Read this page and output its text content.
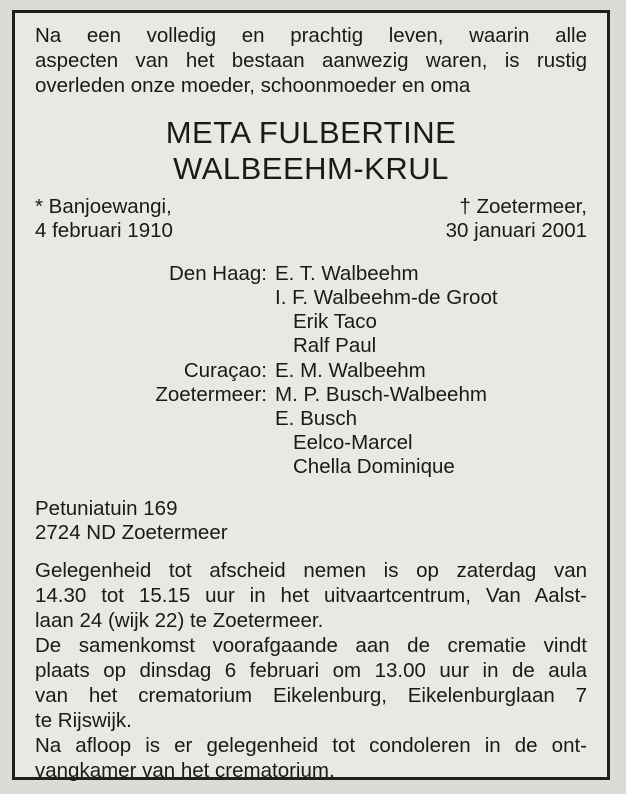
Na een volledig en prachtig leven, waarin alle
aspecten van het bestaan aanwezig waren, is rustig
overleden onze moeder, schoonmoeder en oma
META FULBERTINE
WALBEEHM-KRUL
* Banjoewangi,
4 februari 1910
† Zoetermeer,
30 januari 2001
Den Haag: E. T. Walbeehm
I. F. Walbeehm-de Groot
Erik Taco
Ralf Paul
Curaçao: E. M. Walbeehm
Zoetermeer: M. P. Busch-Walbeehm
E. Busch
Eelco-Marcel
Chella Dominique
Petuniatuin 169
2724 ND Zoetermeer
Gelegenheid tot afscheid nemen is op zaterdag van
14.30 tot 15.15 uur in het uitvaartcentrum, Van Aalst-
laan 24 (wijk 22) te Zoetermeer.
De samenkomst voorafgaande aan de crematie vindt
plaats op dinsdag 6 februari om 13.00 uur in de aula
van het crematorium Eikelenburg, Eikelenburglaan 7
te Rijswijk.
Na afloop is er gelegenheid tot condoleren in de ont-
vangkamer van het crematorium.
